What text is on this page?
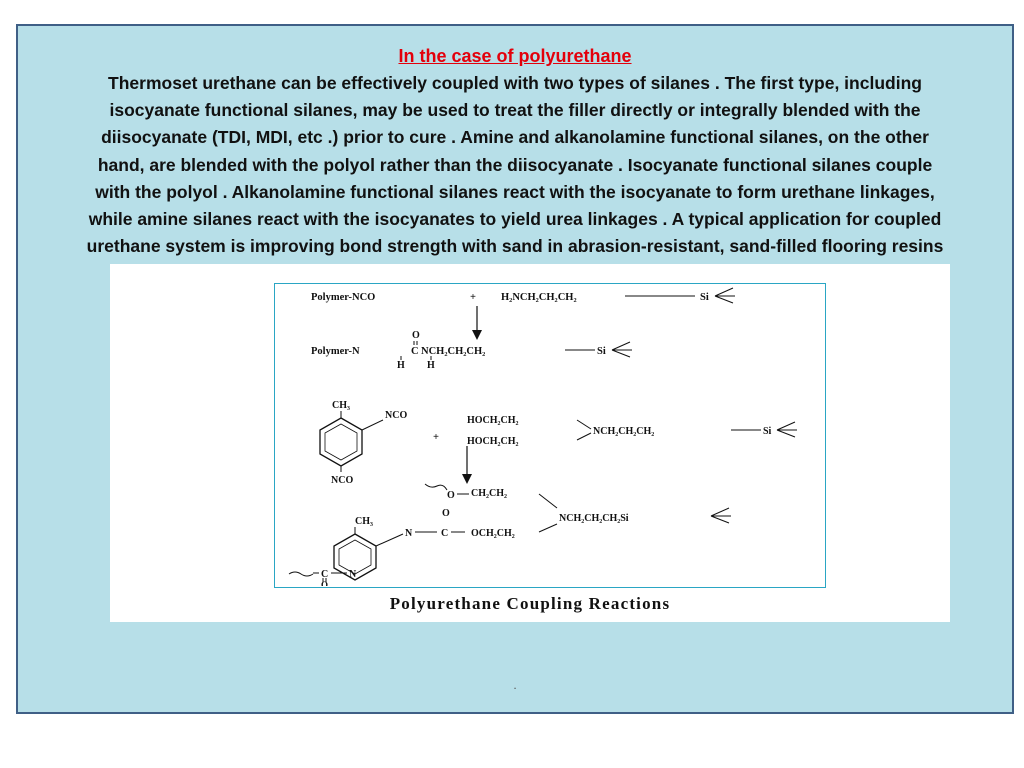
In the case of polyurethane
Thermoset urethane can be effectively coupled with two types of silanes . The first type, including
isocyanate functional silanes, may be used to treat the filler directly or integrally blended with the
diisocyanate (TDI, MDI, etc .) prior to cure . Amine and alkanolamine functional silanes, on the other
hand, are blended with the polyol rather than the diisocyanate . Isocyanate functional silanes couple
with the polyol . Alkanolamine functional silanes react with the isocyanate to form urethane linkages,
while amine silanes react with the isocyanates to yield urea linkages . A typical application for coupled
urethane system is improving bond strength with sand in abrasion-resistant, sand-filled flooring resins
Polymer-NCO	+ H₂NCH₂CH₂CH₂	Si
O
Polymer-N	C NCH₂CH₂CH₂	Si
H H
CH₃
NCO
NCO
+
HOCH₂CH₂
HOCH₂CH₂
NCH₂CH₂CH₂	Si
O CH₂CH₂
O	NCH₂CH₂CH₂Si
CH₃
N	C OCH₂CH₂
C N
O
Polyurethane Coupling Reactions
.
